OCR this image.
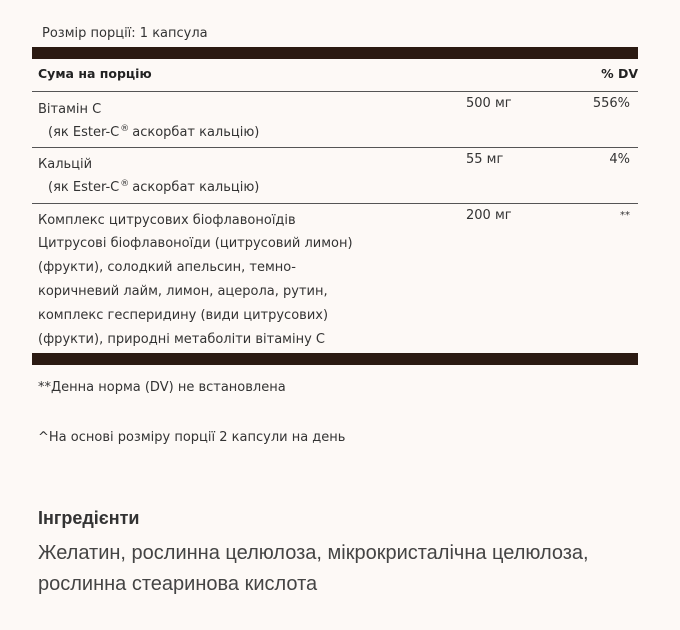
Розмір порції: 1 капсула
Сума на порцію	% DV
Вітамін C
(як Ester-C® аскорбат кальцію)
500 мг	556%
Кальцій
(як Ester-C® аскорбат кальцію)
55 мг	4%
Комплекс цитрусових біофлавоноїдів
Цитрусові біофлавоноїди (цитрусовий лимон)
(фрукти), солодкий апельсин, темно-
коричневий лайм, лимон, ацерола, рутин,
комплекс гесперидину (види цитрусових)
(фрукти), природні метаболіти вітаміну С
200 мг	**
**Денна норма (DV) не встановлена
^На основі розміру порції 2 капсули на день
Інгредієнти
Желатин, рослинна целюлоза, мікрокристалічна целюлоза, рослинна стеаринова кислота
